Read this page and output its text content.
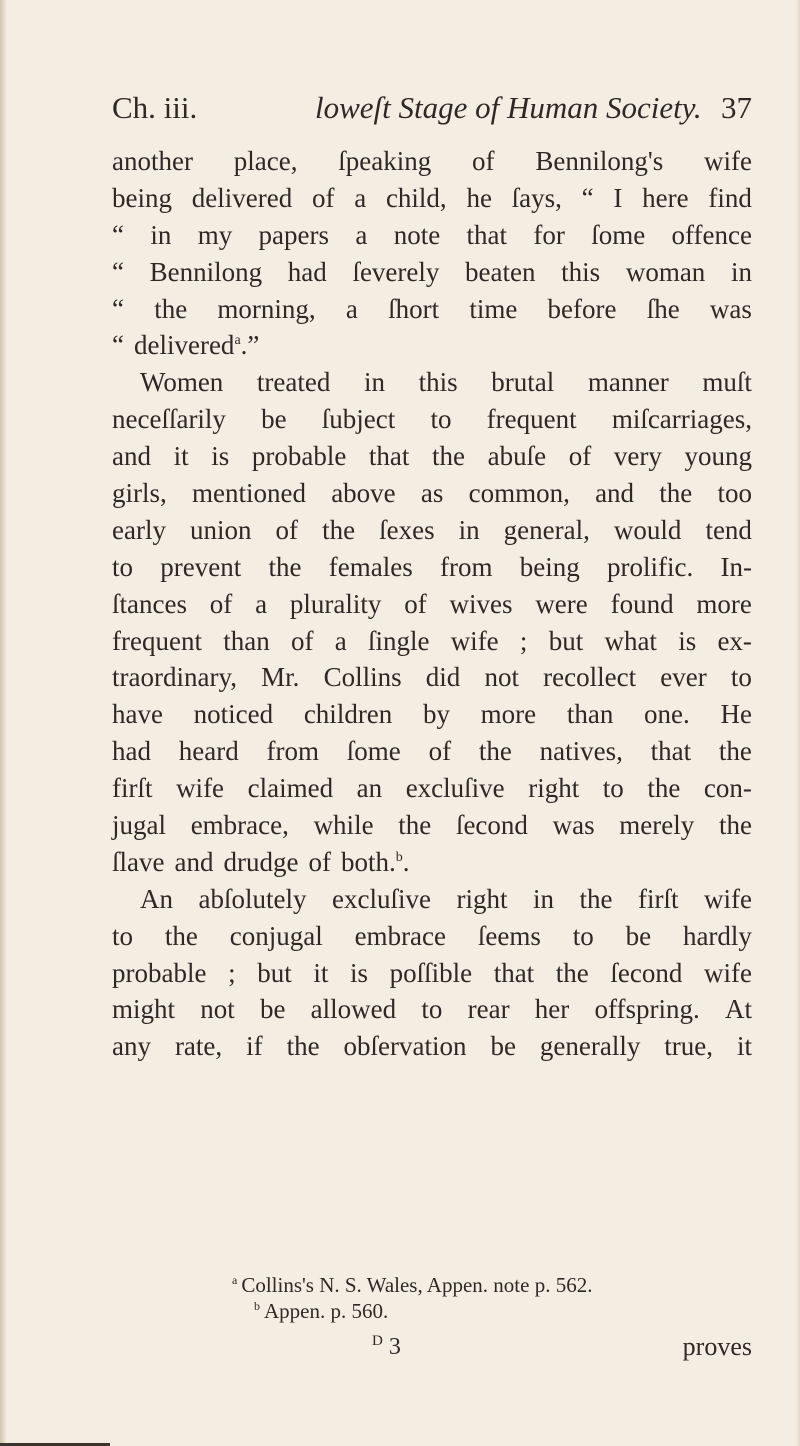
Ch. iii.	loweſt Stage of Human Society. 37
another place, ſpeaking of Bennilong's wife
being delivered of a child, he ſays, “ I here find
“ in my papers a note that for ſome offence
“ Bennilong had ſeverely beaten this woman in
“ the morning, a ſhort time before ſhe was
“ delivered$^a$.”
Women treated in this brutal manner muſt
neceſſarily be ſubject to frequent miſcarriages,
and it is probable that the abuſe of very young
girls, mentioned above as common, and the too
early union of the ſexes in general, would tend
to prevent the females from being prolific. In-
ſtances of a plurality of wives were found more
frequent than of a ſingle wife ; but what is ex-
traordinary, Mr. Collins did not recollect ever to
have noticed children by more than one. He
had heard from ſome of the natives, that the
firſt wife claimed an excluſive right to the con-
jugal embrace, while the ſecond was merely the
ſlave and drudge of both.$^b$.
An abſolutely excluſive right in the firſt wife
to the conjugal embrace ſeems to be hardly
probable ; but it is poſſible that the ſecond wife
might not be allowed to rear her offspring. At
any rate, if the obſervation be generally true, it
$^a$ Collins's N. S. Wales, Appen. note p. 562.
$^b$ Appen. p. 560.
$^D$ 3	proves
